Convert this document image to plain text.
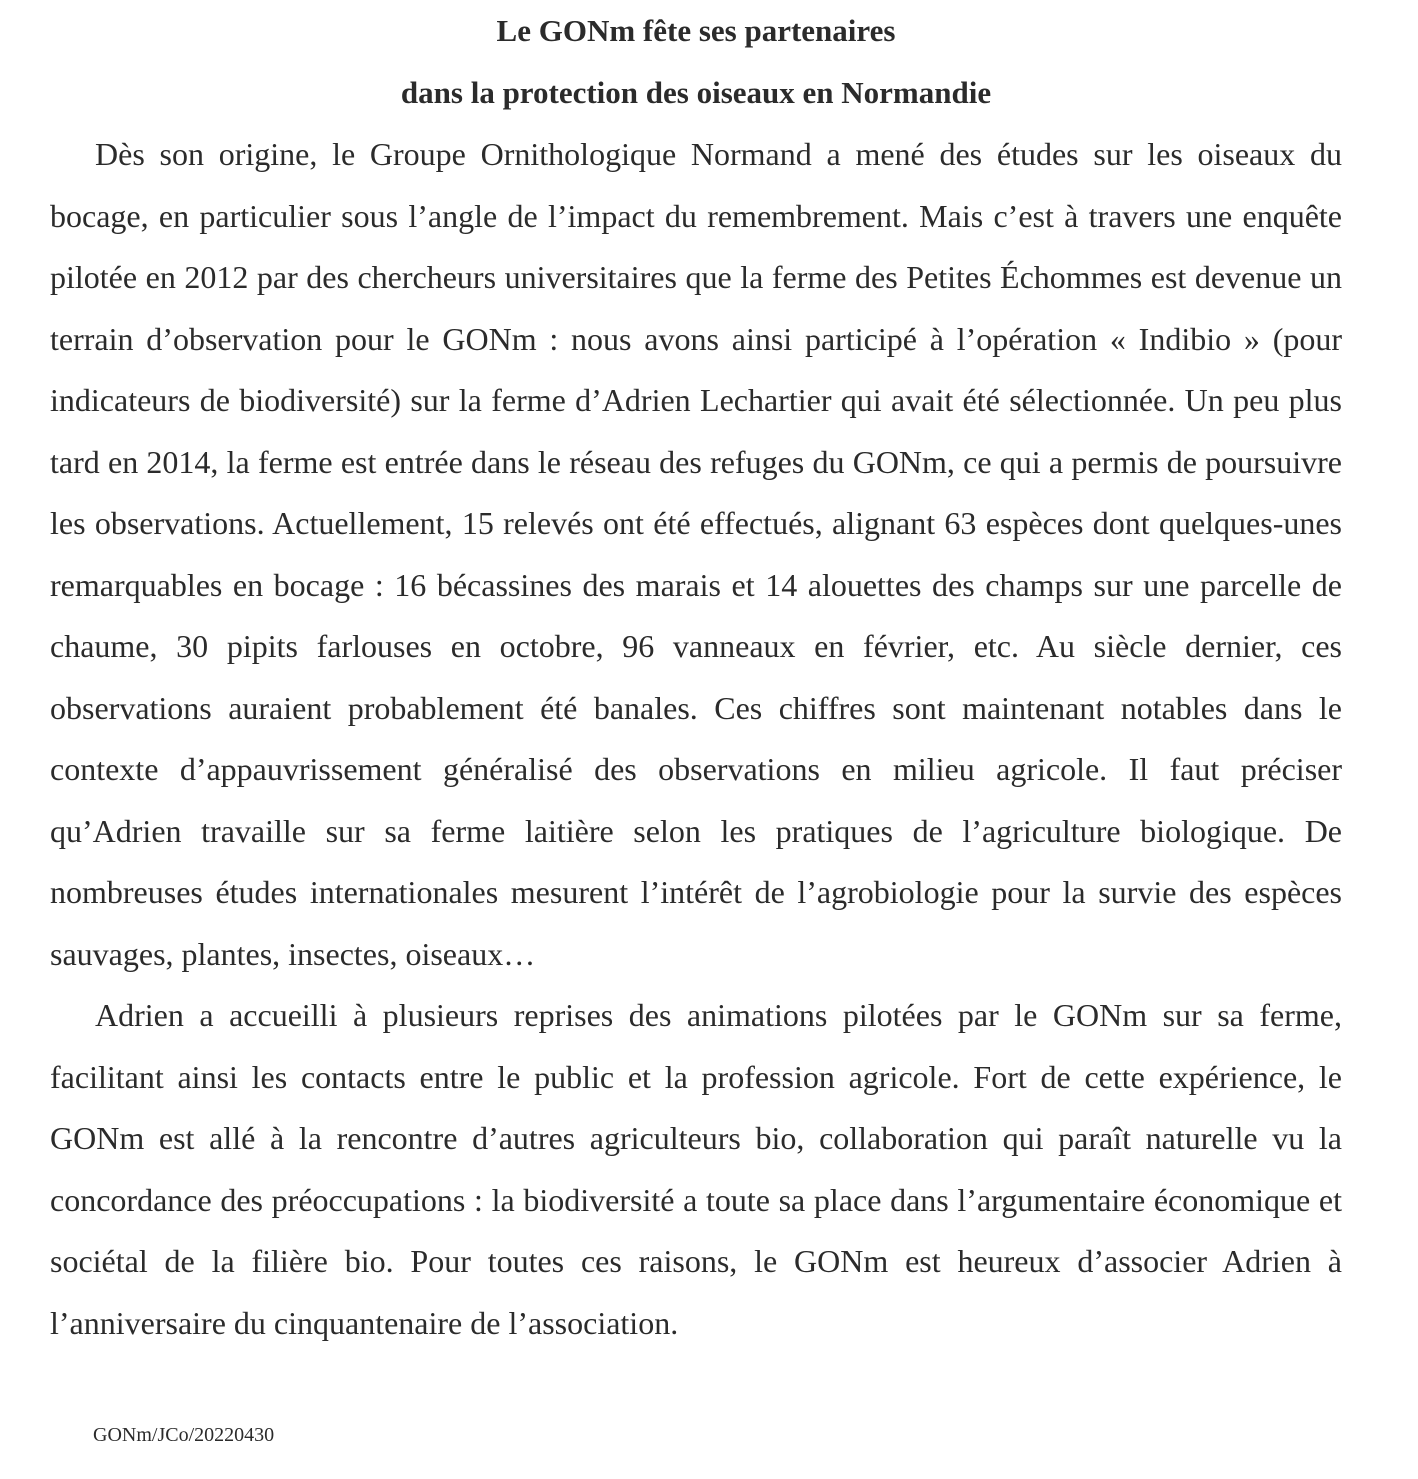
Le GONm fête ses partenaires
dans la protection des oiseaux en Normandie

Dès son origine, le Groupe Ornithologique Normand a mené des études sur les oiseaux du bocage, en particulier sous l’angle de l’impact du remembrement. Mais c’est à travers une enquête pilotée en 2012 par des chercheurs universitaires que la ferme des Petites Échommes est devenue un terrain d’observation pour le GONm : nous avons ainsi participé à l’opération « Indibio » (pour indicateurs de biodiversité) sur la ferme d’Adrien Lechartier qui avait été sélectionnée. Un peu plus tard en 2014, la ferme est entrée dans le réseau des refuges du GONm, ce qui a permis de poursuivre les observations. Actuellement, 15 relevés ont été effectués, alignant 63 espèces dont quelques-unes remarquables en bocage : 16 bécassines des marais et 14 alouettes des champs sur une parcelle de chaume, 30 pipits farlouses en octobre, 96 vanneaux en février, etc. Au siècle dernier, ces observations auraient probablement été banales. Ces chiffres sont maintenant notables dans le contexte d’appauvrissement généralisé des observations en milieu agricole. Il faut préciser qu’Adrien travaille sur sa ferme laitière selon les pratiques de l’agriculture biologique. De nombreuses études internationales mesurent l’intérêt de l’agrobiologie pour la survie des espèces sauvages, plantes, insectes, oiseaux…

Adrien a accueilli à plusieurs reprises des animations pilotées par le GONm sur sa ferme, facilitant ainsi les contacts entre le public et la profession agricole. Fort de cette expérience, le GONm est allé à la rencontre d’autres agriculteurs bio, collaboration qui paraît naturelle vu la concordance des préoccupations : la biodiversité a toute sa place dans l’argumentaire économique et sociétal de la filière bio. Pour toutes ces raisons, le GONm est heureux d’associer Adrien à l’anniversaire du cinquantenaire de l’association.

GONm/JCo/20220430
